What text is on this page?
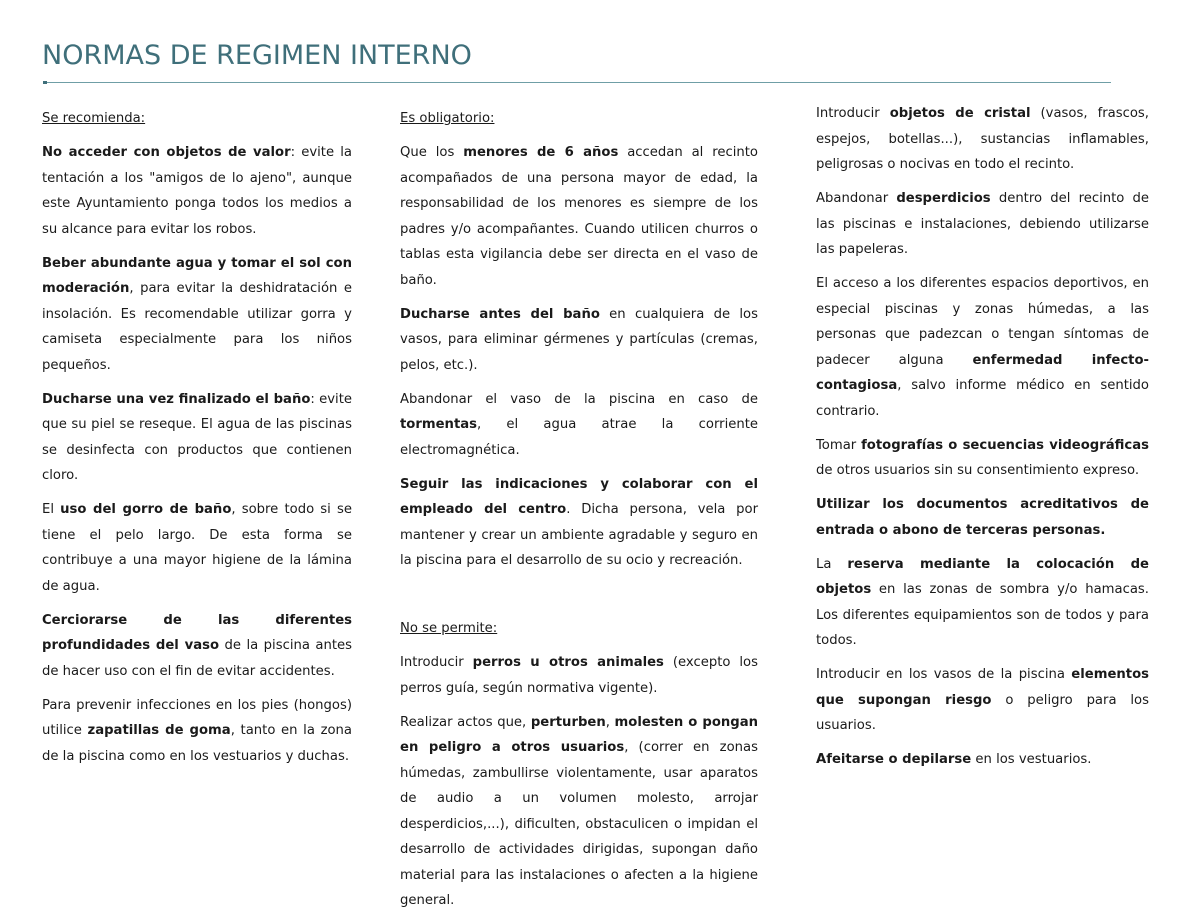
NORMAS DE REGIMEN INTERNO

Se recomienda:

No acceder con objetos de valor: evite la tentación a los "amigos de lo ajeno", aunque este Ayuntamiento ponga todos los medios a su alcance para evitar los robos.

Beber abundante agua y tomar el sol con moderación, para evitar la deshidratación e insolación. Es recomendable utilizar gorra y camiseta especialmente para los niños pequeños.

Ducharse una vez finalizado el baño: evite que su piel se reseque. El agua de las piscinas se desinfecta con productos que contienen cloro.

El uso del gorro de baño, sobre todo si se tiene el pelo largo. De esta forma se contribuye a una mayor higiene de la lámina de agua.

Cerciorarse de las diferentes profundidades del vaso de la piscina antes de hacer uso con el fin de evitar accidentes.

Para prevenir infecciones en los pies (hongos) utilice zapatillas de goma, tanto en la zona de la piscina como en los vestuarios y duchas.

Es obligatorio:

Que los menores de 6 años accedan al recinto acompañados de una persona mayor de edad, la responsabilidad de los menores es siempre de los padres y/o acompañantes. Cuando utilicen churros o tablas esta vigilancia debe ser directa en el vaso de baño.

Ducharse antes del baño en cualquiera de los vasos, para eliminar gérmenes y partículas (cremas, pelos, etc.).

Abandonar el vaso de la piscina en caso de tormentas, el agua atrae la corriente electromagnética.

Seguir las indicaciones y colaborar con el empleado del centro. Dicha persona, vela por mantener y crear un ambiente agradable y seguro en la piscina para el desarrollo de su ocio y recreación.

No se permite:

Introducir perros u otros animales (excepto los perros guía, según normativa vigente).

Realizar actos que, perturben, molesten o pongan en peligro a otros usuarios, (correr en zonas húmedas, zambullirse violentamente, usar aparatos de audio a un volumen molesto, arrojar desperdicios,...), dificulten, obstaculicen o impidan el desarrollo de actividades dirigidas, supongan daño material para las instalaciones o afecten a la higiene general.

Introducir objetos de cristal (vasos, frascos, espejos, botellas...), sustancias inflamables, peligrosas o nocivas en todo el recinto.

Abandonar desperdicios dentro del recinto de las piscinas e instalaciones, debiendo utilizarse las papeleras.

El acceso a los diferentes espacios deportivos, en especial piscinas y zonas húmedas, a las personas que padezcan o tengan síntomas de padecer alguna enfermedad infecto-contagiosa, salvo informe médico en sentido contrario.

Tomar fotografías o secuencias videográficas de otros usuarios sin su consentimiento expreso.

Utilizar los documentos acreditativos de entrada o abono de terceras personas.

La reserva mediante la colocación de objetos en las zonas de sombra y/o hamacas. Los diferentes equipamientos son de todos y para todos.

Introducir en los vasos de la piscina elementos que supongan riesgo o peligro para los usuarios.

Afeitarse o depilarse en los vestuarios.
